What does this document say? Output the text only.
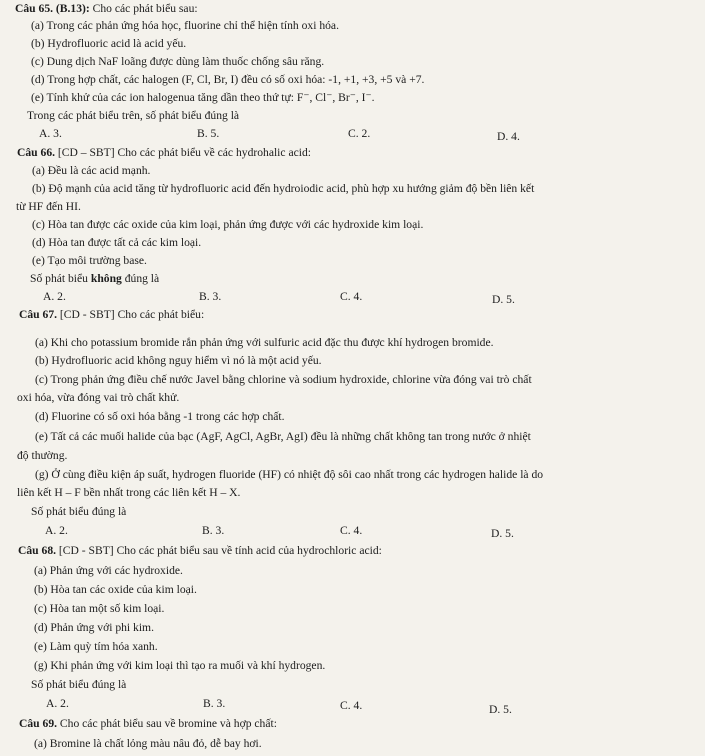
Câu 65. (B.13): Cho các phát biểu sau:
(a) Trong các phản ứng hóa học, fluorine chỉ thể hiện tính oxi hóa.
(b) Hydrofluoric acid là acid yếu.
(c) Dung dịch NaF loãng được dùng làm thuốc chống sâu răng.
(d) Trong hợp chất, các halogen (F, Cl, Br, I) đều có số oxi hóa: -1, +1, +3, +5 và +7.
(e) Tính khử của các ion halogenua tăng dần theo thứ tự: F⁻, Cl⁻, Br⁻, I⁻.
Trong các phát biểu trên, số phát biểu đúng là
A. 3.	B. 5.	C. 2.	D. 4.
Câu 66. [CD – SBT] Cho các phát biểu về các hydrohalic acid:
(a) Đều là các acid mạnh.
(b) Độ mạnh của acid tăng từ hydrofluoric acid đến hydroiodic acid, phù hợp xu hướng giảm độ bền liên kết
từ HF đến HI.
(c) Hòa tan được các oxide của kim loại, phản ứng được với các hydroxide kim loại.
(d) Hòa tan được tất cả các kim loại.
(e) Tạo môi trường base.
Số phát biểu không đúng là
A. 2.	B. 3.	C. 4.	D. 5.
Câu 67. [CD - SBT] Cho các phát biểu:
(a) Khi cho potassium bromide rắn phản ứng với sulfuric acid đặc thu được khí hydrogen bromide.
(b) Hydrofluoric acid không nguy hiểm vì nó là một acid yếu.
(c) Trong phản ứng điều chế nước Javel bằng chlorine và sodium hydroxide, chlorine vừa đóng vai trò chất
oxi hóa, vừa đóng vai trò chất khử.
(d) Fluorine có số oxi hóa bằng -1 trong các hợp chất.
(e) Tất cả các muối halide của bạc (AgF, AgCl, AgBr, AgI) đều là những chất không tan trong nước ở nhiệt
độ thường.
(g) Ở cùng điều kiện áp suất, hydrogen fluoride (HF) có nhiệt độ sôi cao nhất trong các hydrogen halide là do
liên kết H – F bền nhất trong các liên kết H – X.
Số phát biểu đúng là
A. 2.	B. 3.	C. 4.	D. 5.
Câu 68. [CD - SBT] Cho các phát biểu sau về tính acid của hydrochloric acid:
(a) Phản ứng với các hydroxide.
(b) Hòa tan các oxide của kim loại.
(c) Hòa tan một số kim loại.
(d) Phản ứng với phi kim.
(e) Làm quỳ tím hóa xanh.
(g) Khi phản ứng với kim loại thì tạo ra muối và khí hydrogen.
Số phát biểu đúng là
A. 2.	B. 3.	C. 4.	D. 5.
Câu 69. Cho các phát biểu sau về bromine và hợp chất:
(a) Bromine là chất lỏng màu nâu đỏ, dễ bay hơi.
